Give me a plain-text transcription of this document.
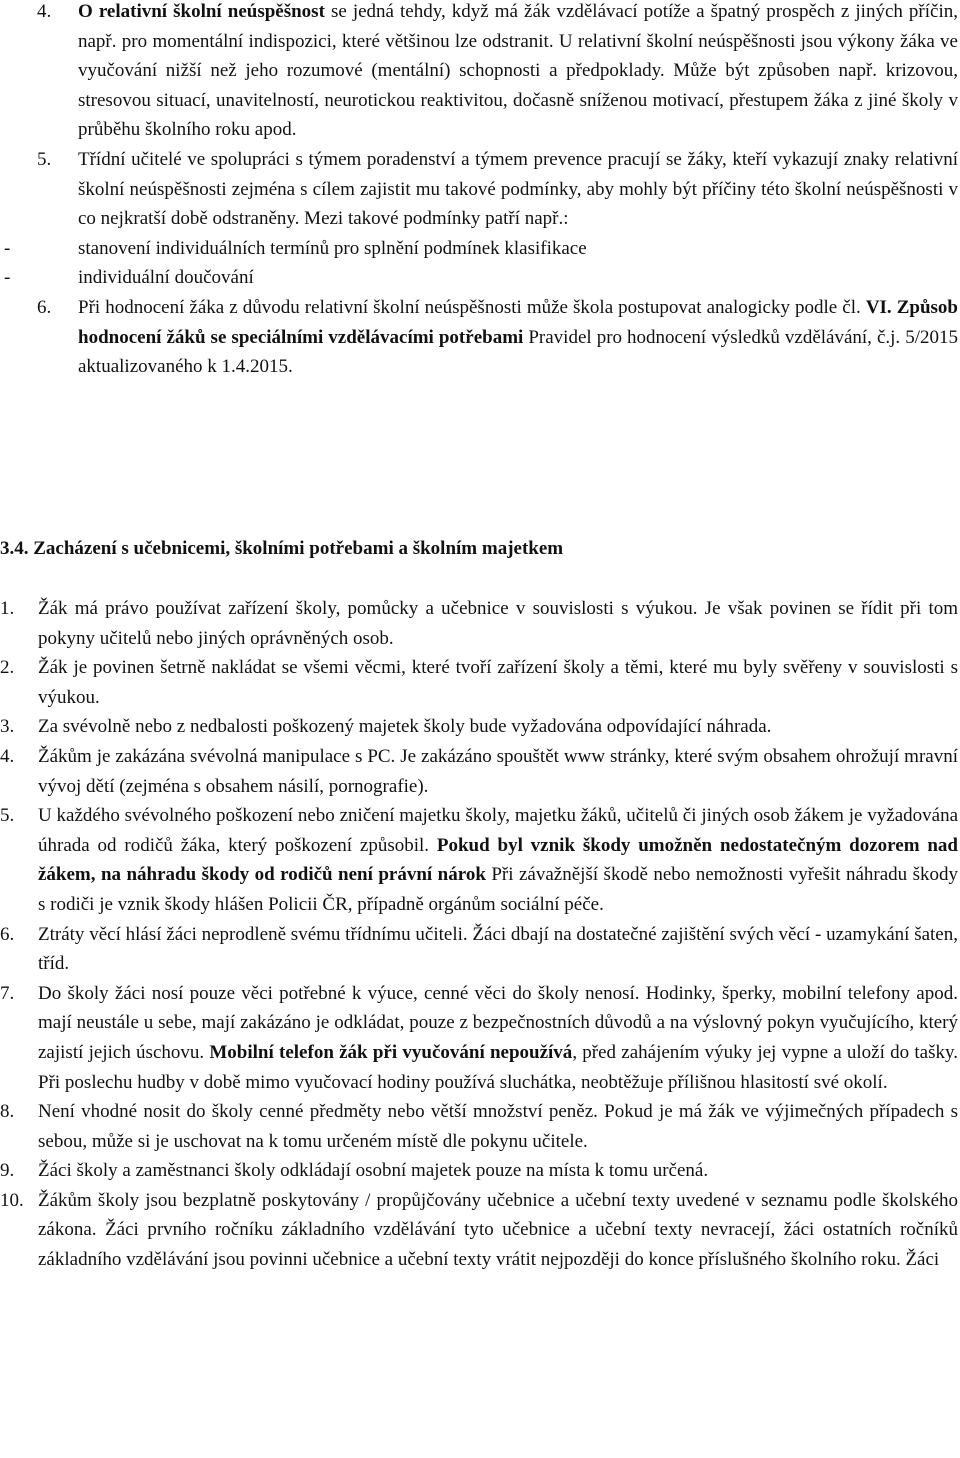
4. O relativní školní neúspěšnost se jedná tehdy, když má žák vzdělávací potíže a špatný prospěch z jiných příčin, např. pro momentální indispozici, které většinou lze odstranit. U relativní školní neúspěšnosti jsou výkony žáka ve vyučování nižší než jeho rozumové (mentální) schopnosti a předpoklady. Může být způsoben např. krizovou, stresovou situací, unavitelností, neurotickou reaktivitou, dočasně sníženou motivací, přestupem žáka z jiné školy v průběhu školního roku apod.
5. Třídní učitelé ve spolupráci s týmem poradenství a týmem prevence pracují se žáky, kteří vykazují znaky relativní školní neúspěšnosti zejména s cílem zajistit mu takové podmínky, aby mohly být příčiny této školní neúspěšnosti v co nejkratší době odstraněny. Mezi takové podmínky patří např.:
-	stanovení individuálních termínů pro splnění podmínek klasifikace
-	individuální doučování
6. Při hodnocení žáka z důvodu relativní školní neúspěšnosti může škola postupovat analogicky podle čl. VI. Způsob hodnocení žáků se speciálními vzdělávacími potřebami Pravidel pro hodnocení výsledků vzdělávání, č.j. 5/2015 aktualizovaného k 1.4.2015.
3.4. Zacházení s učebnicemi, školními potřebami a školním majetkem
1. Žák má právo používat zařízení školy, pomůcky a učebnice v souvislosti s výukou. Je však povinen se řídit při tom pokyny učitelů nebo jiných oprávněných osob.
2. Žák je povinen šetrně nakládat se všemi věcmi, které tvoří zařízení školy a těmi, které mu byly svěřeny v souvislosti s výukou.
3. Za svévolně nebo z nedbalosti poškozený majetek školy bude vyžadována odpovídající náhrada.
4. Žákům je zakázána svévolná manipulace s PC. Je zakázáno spouštět www stránky, které svým obsahem ohrožují mravní vývoj dětí (zejména s obsahem násilí, pornografie).
5. U každého svévolného poškození nebo zničení majetku školy, majetku žáků, učitelů či jiných osob žákem je vyžadována úhrada od rodičů žáka, který poškození způsobil. Pokud byl vznik škody umožněn nedostatečným dozorem nad žákem, na náhradu škody od rodičů není právní nárok Při závažnější škodě nebo nemožnosti vyřešit náhradu škody s rodiči je vznik škody hlášen Policii ČR, případně orgánům sociální péče.
6. Ztráty věcí hlásí žáci neprodleně svému třídnímu učiteli. Žáci dbají na dostatečné zajištění svých věcí - uzamykání šaten, tříd.
7. Do školy žáci nosí pouze věci potřebné k výuce, cenné věci do školy nenosí. Hodinky, šperky, mobilní telefony apod. mají neustále u sebe, mají zakázáno je odkládat, pouze z bezpečnostních důvodů a na výslovný pokyn vyučujícího, který zajistí jejich úschovu. Mobilní telefon žák při vyučování nepoužívá, před zahájením výuky jej vypne a uloží do tašky. Při poslechu hudby v době mimo vyučovací hodiny používá sluchátka, neobtěžuje přílišnou hlasitostí své okolí.
8. Není vhodné nosit do školy cenné předměty nebo větší množství peněz. Pokud je má žák ve výjimečných případech s sebou, může si je uschovat na k tomu určeném místě dle pokynu učitele.
9. Žáci školy a zaměstnanci školy odkládají osobní majetek pouze na místa k tomu určená.
10. Žákům školy jsou bezplatně poskytovány / propůjčovány učebnice a učební texty uvedené v seznamu podle školského zákona. Žáci prvního ročníku základního vzdělávání tyto učebnice a učební texty nevracejí, žáci ostatních ročníků základního vzdělávání jsou povinni učebnice a učební texty vrátit nejpozději do konce příslušného školního roku. Žáci
